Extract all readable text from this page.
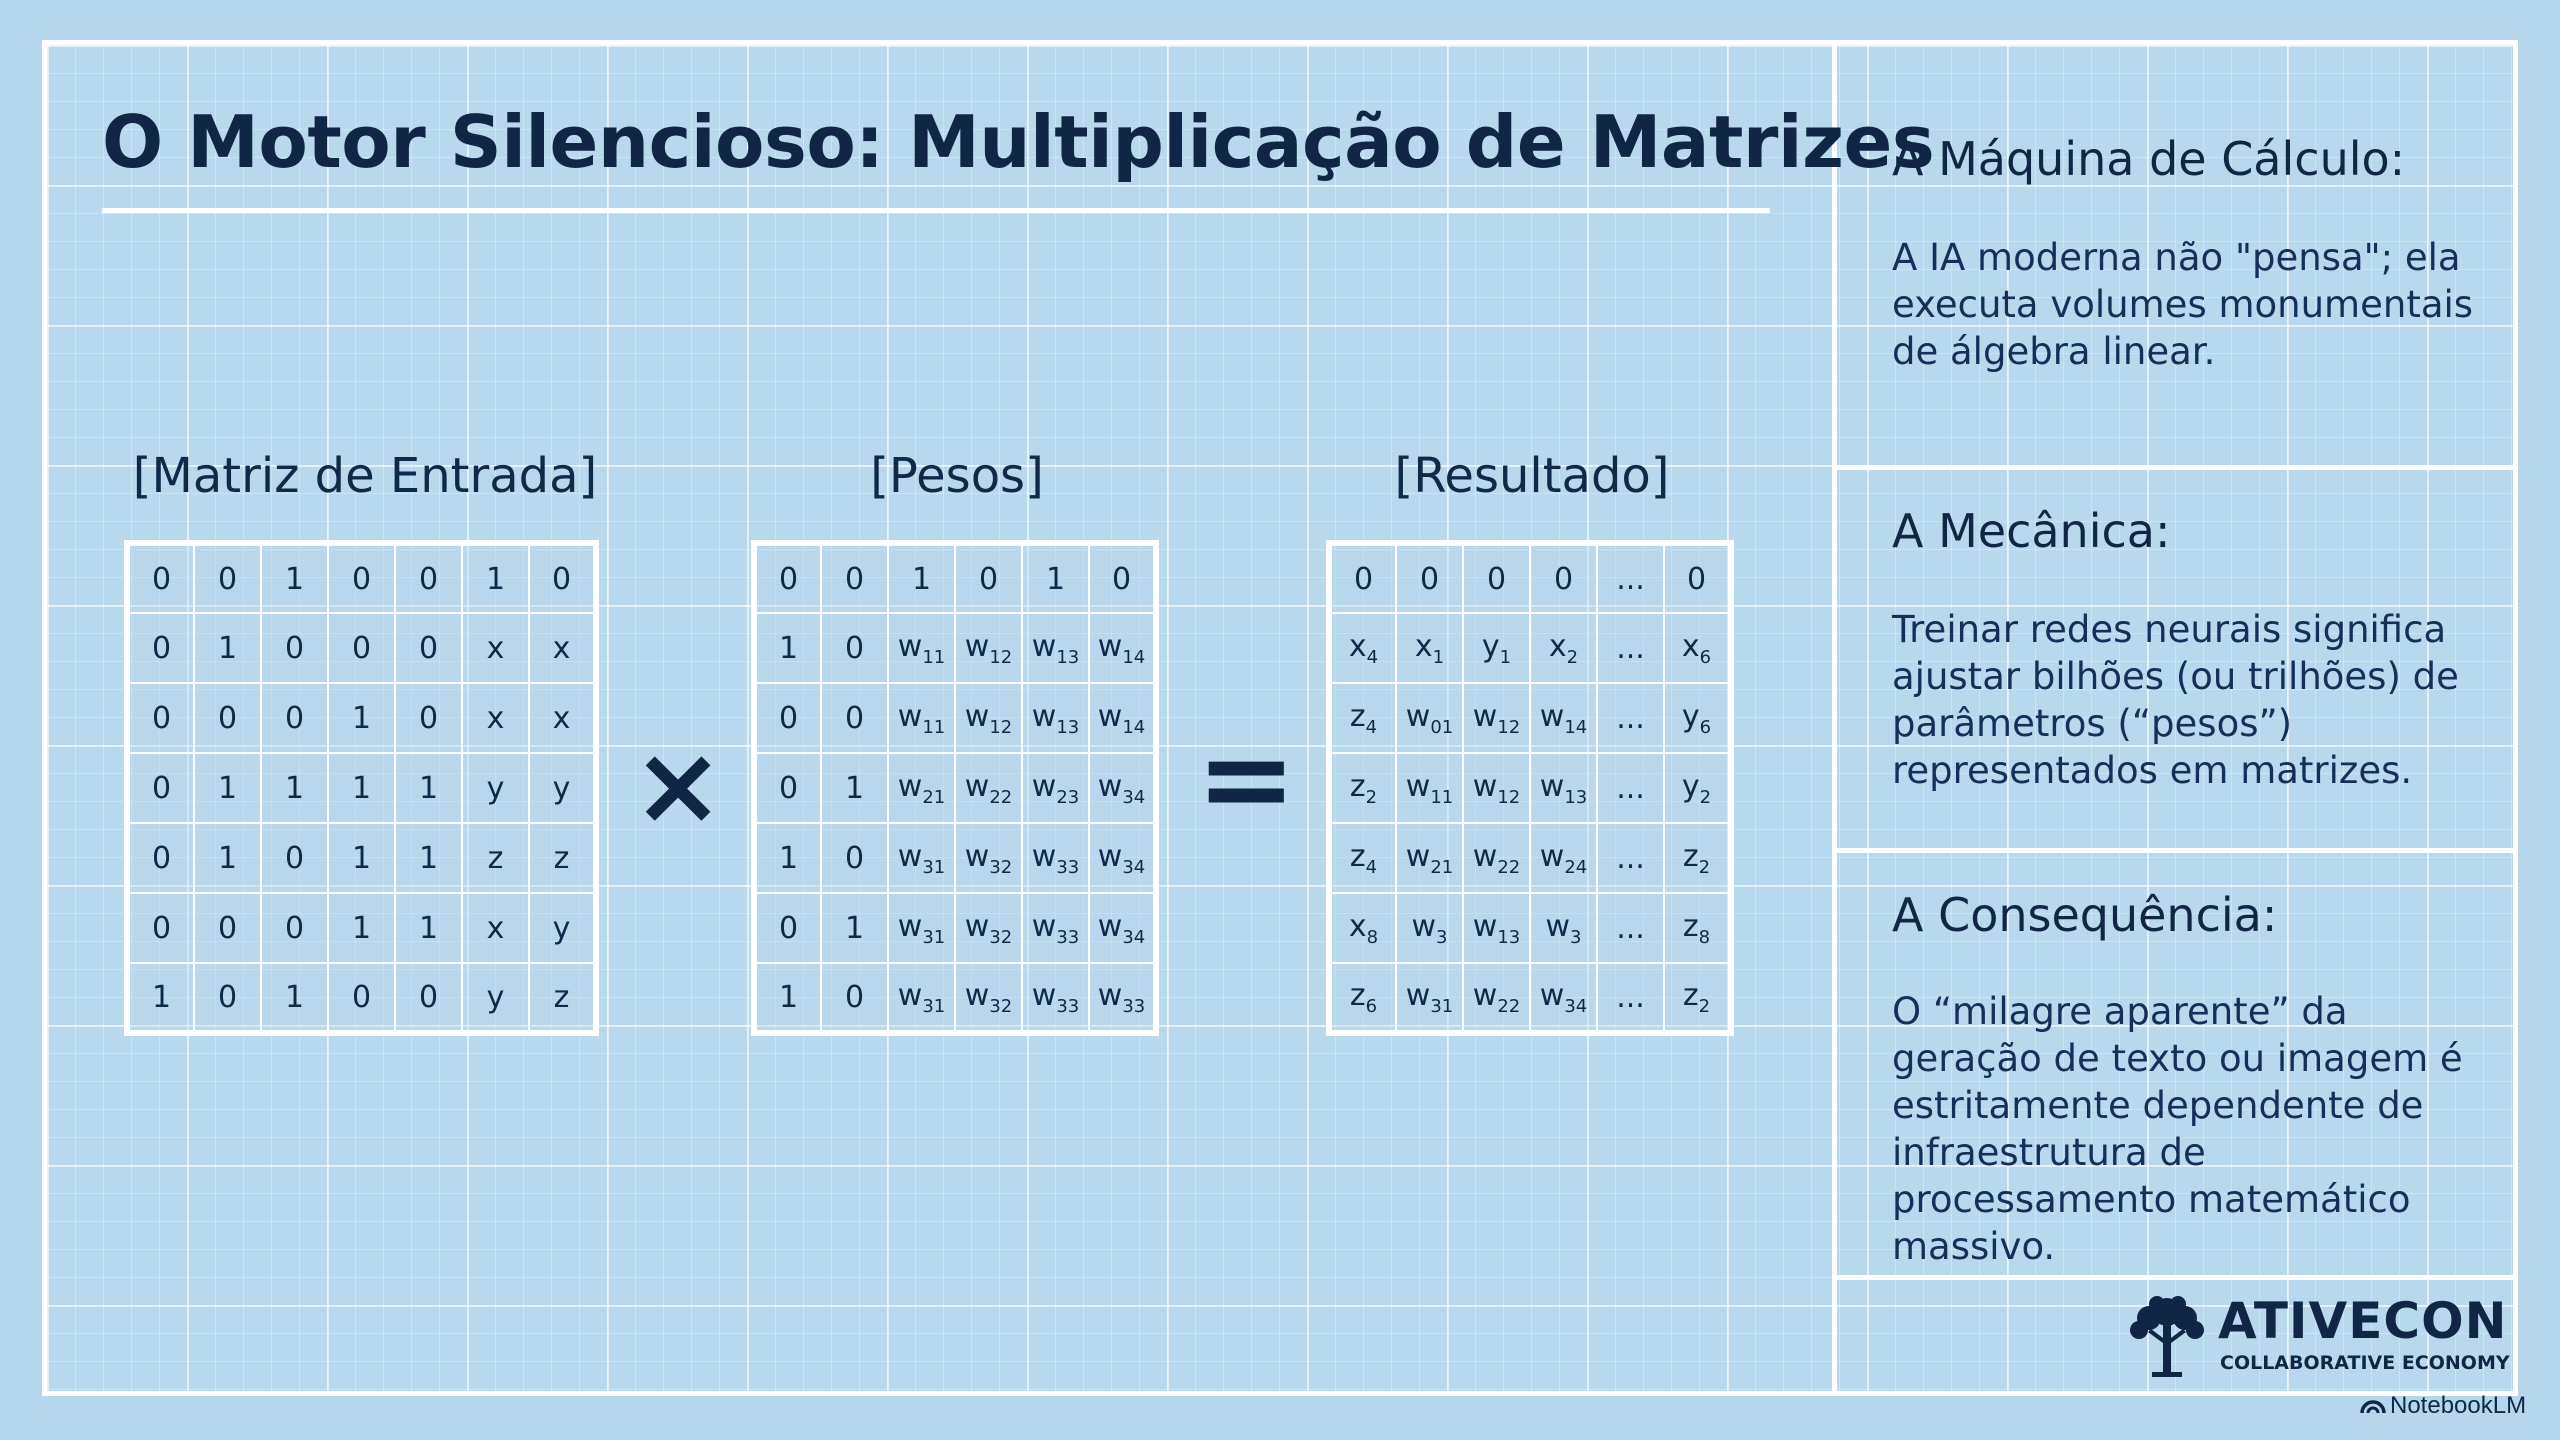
O Motor Silencioso: Multiplicação de Matrizes
[Matriz de Entrada]	[Pesos]	[Resultado]
0	0	1	0	0	1	0
0	1	0	0	0	x	x
0	0	0	1	0	x	x
0	1	1	1	1	y	y
0	1	0	1	1	z	z
0	0	0	1	1	x	y
1	0	1	0	0	y	z
0	0	1	0	1	0
1	0	$w_{11}$	$w_{12}$	$w_{13}$	$w_{14}$
0	0	$w_{11}$	$w_{12}$	$w_{13}$	$w_{14}$
0	1	$w_{21}$	$w_{22}$	$w_{23}$	$w_{34}$
1	0	$w_{31}$	$w_{32}$	$w_{33}$	$w_{34}$
0	1	$w_{31}$	$w_{32}$	$w_{33}$	$w_{34}$
1	0	$w_{31}$	$w_{32}$	$w_{33}$	$w_{33}$
0	0	0	0	...	0
$x_4$	$x_1$	$y_1$	$x_2$	...	$x_6$
$z_4$	$w_{01}$	$w_{12}$	$w_{14}$	...	$y_6$
$z_2$	$w_{11}$	$w_{12}$	$w_{13}$	...	$y_2$
$z_4$	$w_{21}$	$w_{22}$	$w_{24}$	...	$z_2$
$x_8$	$w_3$	$w_{13}$	$w_3$	...	$z_8$
$z_6$	$w_{31}$	$w_{22}$	$w_{34}$	...	$z_2$
×	=
A Máquina de Cálculo:

A IA moderna não "pensa"; ela executa volumes monumentais de álgebra linear.

A Mecânica:

Treinar redes neurais significa ajustar bilhões (ou trilhões) de parâmetros (“pesos”) representados em matrizes.

A Consequência:

O “milagre aparente” da geração de texto ou imagem é estritamente dependente de infraestrutura de processamento matemático massivo.

ATIVECON
COLLABORATIVE ECONOMY
NotebookLM
